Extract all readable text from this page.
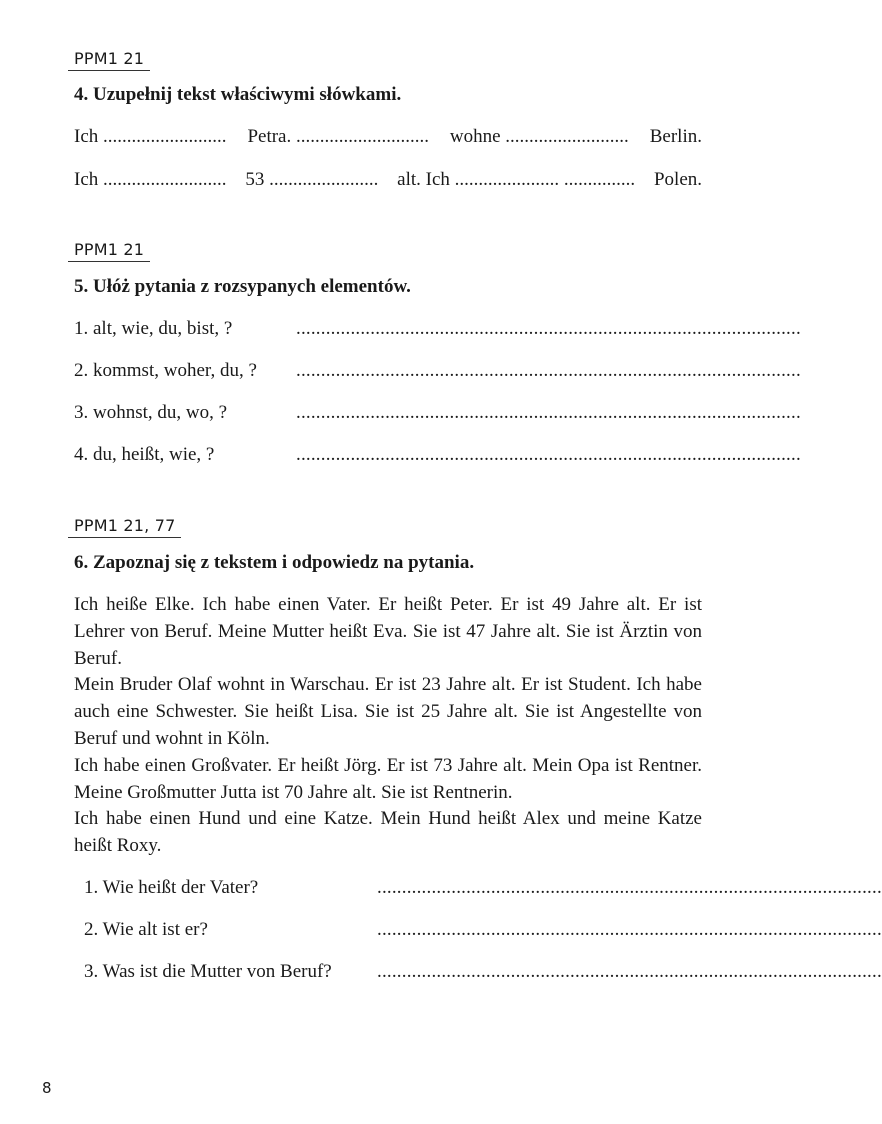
PPM1 21
4. Uzupełnij tekst właściwymi słówkami.
Ich .......................... Petra. ............................ wohne .......................... Berlin.
Ich .......................... 53 ....................... alt. Ich ...................... ............... Polen.
PPM1 21
5. Ułóż pytania z rozsypanych elementów.
1. alt, wie, du, bist, ?	......................................................................................................
2. kommst, woher, du, ? ......................................................................................................
3. wohnst, du, wo, ?	......................................................................................................
4. du, heißt, wie, ?	......................................................................................................
PPM1 21, 77
6. Zapoznaj się z tekstem i odpowiedz na pytania.

Ich heiße Elke. Ich habe einen Vater. Er heißt Peter. Er ist 49 Jahre alt. Er ist Lehrer von Beruf. Meine Mutter heißt Eva. Sie ist 47 Jahre alt. Sie ist Ärztin von Beruf.

Mein Bruder Olaf wohnt in Warschau. Er ist 23 Jahre alt. Er ist Student. Ich habe auch eine Schwester. Sie heißt Lisa. Sie ist 25 Jahre alt. Sie ist Angestellte von Beruf und wohnt in Köln.

Ich habe einen Großvater. Er heißt Jörg. Er ist 73 Jahre alt. Mein Opa ist Rentner. Meine Großmutter Jutta ist 70 Jahre alt. Sie ist Rentnerin.

Ich habe einen Hund und eine Katze. Mein Hund heißt Alex und meine Katze heißt Roxy.

1. Wie heißt der Vater?	......................................................................................................
2. Wie alt ist er?	......................................................................................................
3. Was ist die Mutter von Beruf? ......................................................................................................
8
